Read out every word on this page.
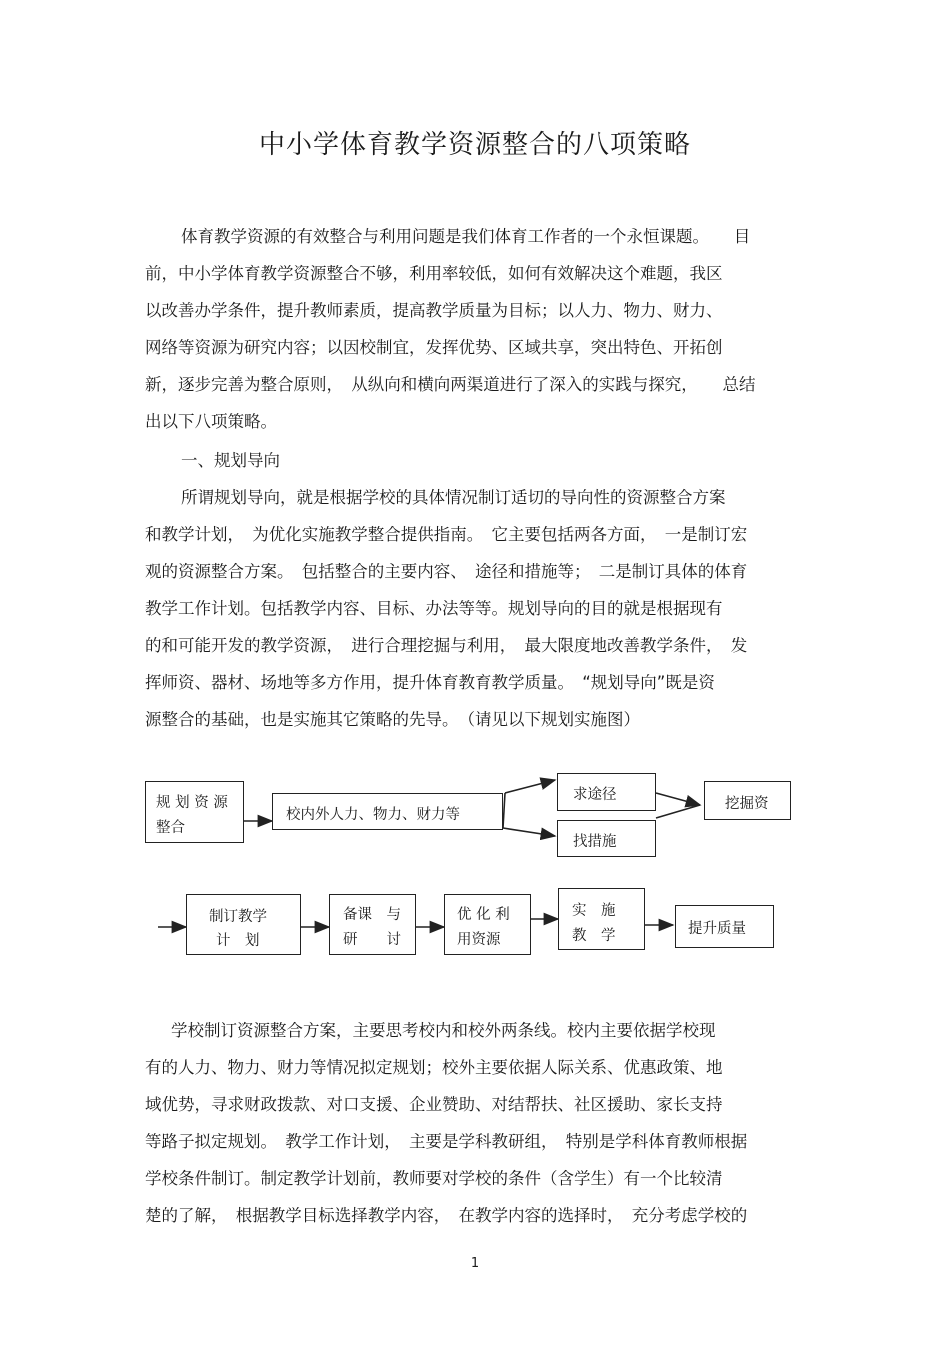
中小学体育教学资源整合的八项策略
体育教学资源的有效整合与利用问题是我们体育工作者的一个永恒课题。　　目
前，中小学体育教学资源整合不够，利用率较低，如何有效解决这个难题，我区
以改善办学条件，提升教师素质，提高教学质量为目标；以人力、物力、财力、
网络等资源为研究内容；以因校制宜，发挥优势、区域共享，突出特色、开拓创
新，逐步完善为整合原则，　从纵向和横向两渠道进行了深入的实践与探究，　　总结
出以下八项策略。
一、规划导向
所谓规划导向，就是根据学校的具体情况制订适切的导向性的资源整合方案
和教学计划，　为优化实施教学整合提供指南。　它主要包括两各方面，　一是制订宏
观的资源整合方案。　包括整合的主要内容、　途径和措施等；　二是制订具体的体育
教学工作计划。包括教学内容、目标、办法等等。规划导向的目的就是根据现有
的和可能开发的教学资源，　进行合理挖掘与利用，　最大限度地改善教学条件，　发
挥师资、器材、场地等多方作用，提升体育教育教学质量。　“规划导向”既是资
源整合的基础，也是实施其它策略的先导。　（请见以下规划实施图）
规 划 资 源
整合
校内外人力、物力、财力等
求途径
找措施
挖掘资
制订教学
计　划
备课　与
研　　讨
优 化 利
用资源
实　施
教　学	提升质量
学校制订资源整合方案，主要思考校内和校外两条线。校内主要依据学校现
有的人力、物力、财力等情况拟定规划；校外主要依据人际关系、优惠政策、地
域优势，寻求财政拨款、对口支援、企业赞助、对结帮扶、社区援助、家长支持
等路子拟定规划。　教学工作计划，　主要是学科教研组，　特别是学科体育教师根据
学校条件制订。制定教学计划前，教师要对学校的条件（含学生）有一个比较清
楚的了解，　根据教学目标选择教学内容，　在教学内容的选择时，　充分考虑学校的
1
